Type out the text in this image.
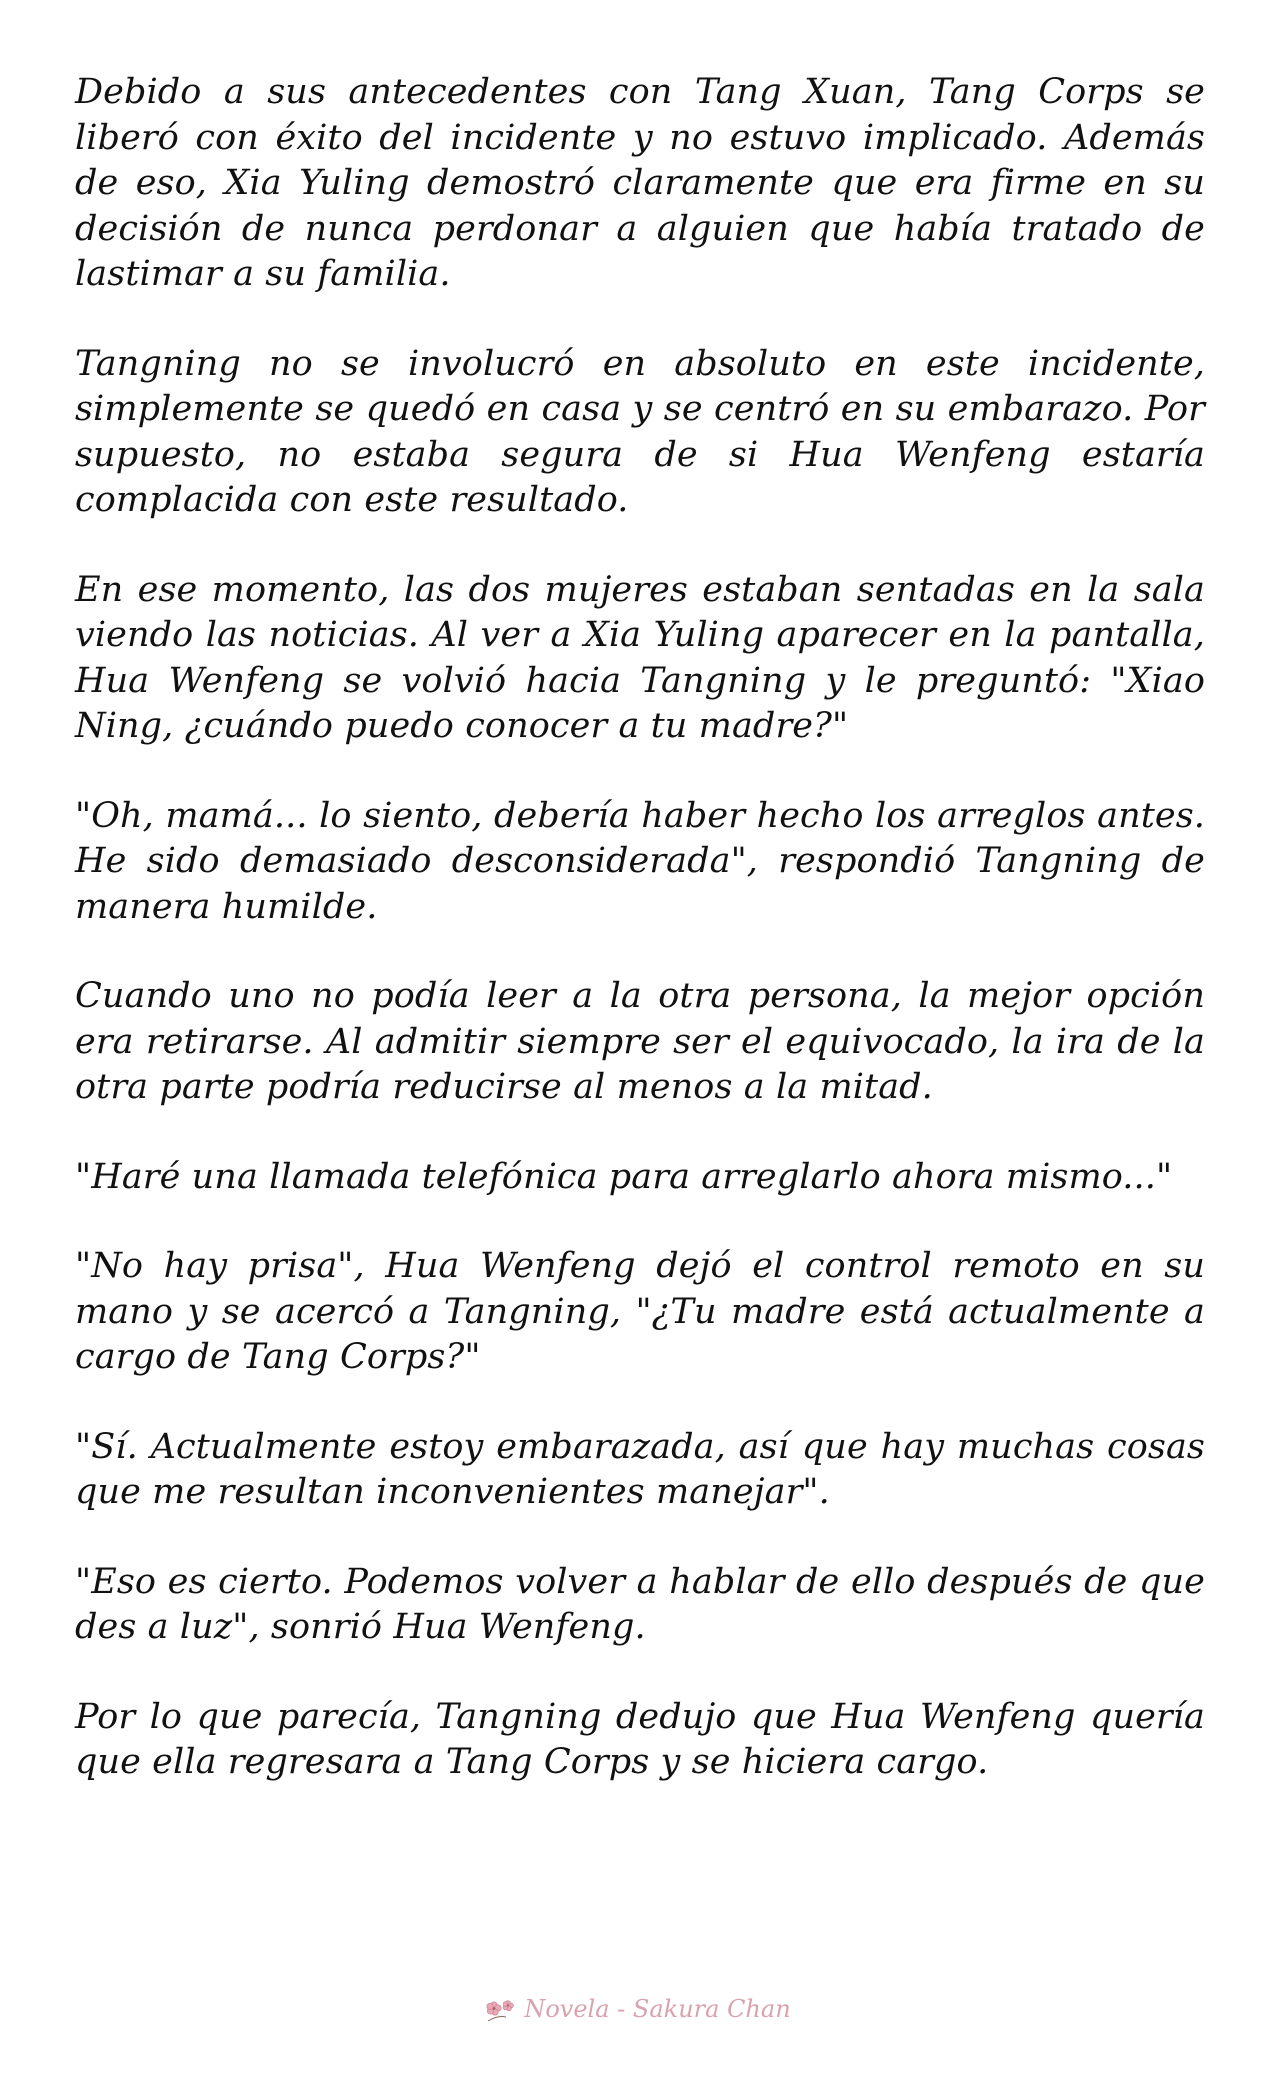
Debido a sus antecedentes con Tang Xuan, Tang Corps se liberó con éxito del incidente y no estuvo implicado. Además de eso, Xia Yuling demostró claramente que era firme en su decisión de nunca perdonar a alguien que había tratado de lastimar a su familia.

Tangning no se involucró en absoluto en este incidente, simplemente se quedó en casa y se centró en su embarazo. Por supuesto, no estaba segura de si Hua Wenfeng estaría complacida con este resultado.

En ese momento, las dos mujeres estaban sentadas en la sala viendo las noticias. Al ver a Xia Yuling aparecer en la pantalla, Hua Wenfeng se volvió hacia Tangning y le preguntó: "Xiao Ning, ¿cuándo puedo conocer a tu madre?"

"Oh, mamá... lo siento, debería haber hecho los arreglos antes. He sido demasiado desconsiderada", respondió Tangning de manera humilde.

Cuando uno no podía leer a la otra persona, la mejor opción era retirarse. Al admitir siempre ser el equivocado, la ira de la otra parte podría reducirse al menos a la mitad.

"Haré una llamada telefónica para arreglarlo ahora mismo..."

"No hay prisa", Hua Wenfeng dejó el control remoto en su mano y se acercó a Tangning, "¿Tu madre está actualmente a cargo de Tang Corps?"

"Sí. Actualmente estoy embarazada, así que hay muchas cosas que me resultan inconvenientes manejar".

"Eso es cierto. Podemos volver a hablar de ello después de que des a luz", sonrió Hua Wenfeng.

Por lo que parecía, Tangning dedujo que Hua Wenfeng quería que ella regresara a Tang Corps y se hiciera cargo.

Novela - Sakura Chan
